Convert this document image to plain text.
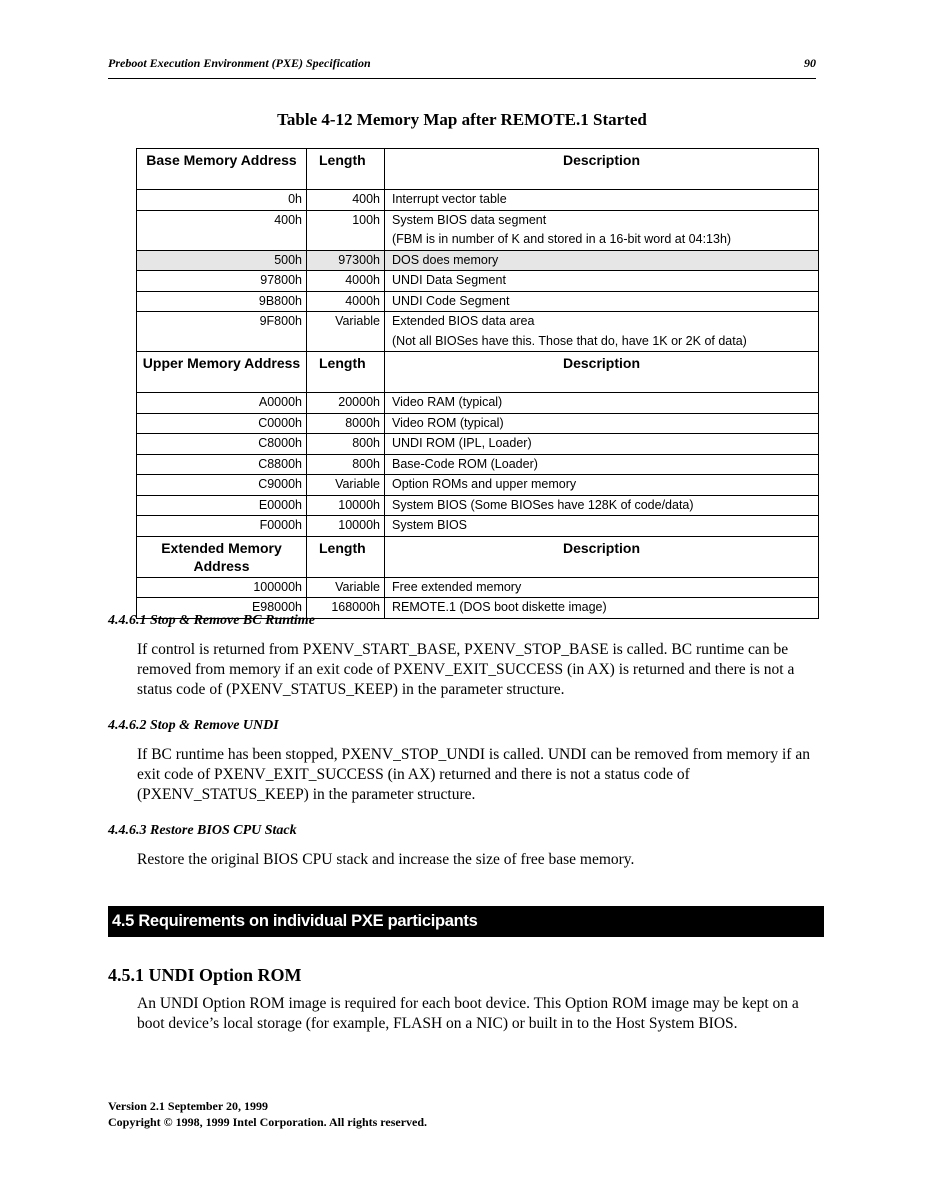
Preboot Execution Environment (PXE) Specification	90
Table 4-12 Memory Map after REMOTE.1 Started
Base Memory Address	Length	Description
0h	400h	Interrupt vector table

400h	100h	System BIOS data segment
(FBM is in number of K and stored in a 16-bit word at 04:13h)

500h	97300h	DOS does memory

97800h	4000h	UNDI Data Segment

9B800h	4000h	UNDI Code Segment

9F800h	Variable	Extended BIOS data area
(Not all BIOSes have this. Those that do, have 1K or 2K of data)

Upper Memory Address	Length	Description
A0000h	20000h	Video RAM (typical)

C0000h	8000h	Video ROM (typical)

C8000h	800h	UNDI ROM (IPL, Loader)

C8800h	800h	Base-Code ROM (Loader)

C9000h	Variable	Option ROMs and upper memory

E0000h	10000h	System BIOS (Some BIOSes have 128K of code/data)

F0000h	10000h	System BIOS

Extended Memory Address	Length	Description
100000h	Variable	Free extended memory

E98000h	168000h	REMOTE.1 (DOS boot diskette image)
4.4.6.1 Stop & Remove BC Runtime

If control is returned from PXENV_START_BASE, PXENV_STOP_BASE is called. BC runtime can be removed from memory if an exit code of PXENV_EXIT_SUCCESS (in AX) is returned and there is not a status code of (PXENV_STATUS_KEEP) in the parameter structure.

4.4.6.2 Stop & Remove UNDI

If BC runtime has been stopped, PXENV_STOP_UNDI is called. UNDI can be removed from memory if an exit code of PXENV_EXIT_SUCCESS (in AX) returned and there is not a status code of (PXENV_STATUS_KEEP) in the parameter structure.

4.4.6.3 Restore BIOS CPU Stack

Restore the original BIOS CPU stack and increase the size of free base memory.

4.5 Requirements on individual PXE participants
4.5.1 UNDI Option ROM

An UNDI Option ROM image is required for each boot device. This Option ROM image may be kept on a boot device’s local storage (for example, FLASH on a NIC) or built in to the Host System BIOS.

Version 2.1 September 20, 1999
Copyright © 1998, 1999 Intel Corporation. All rights reserved.
